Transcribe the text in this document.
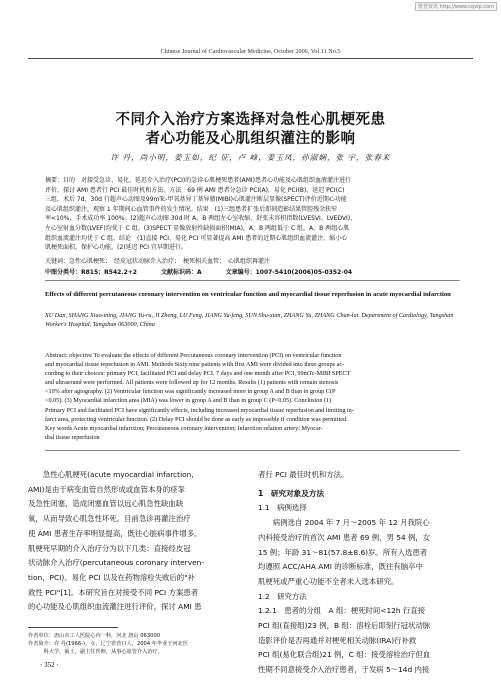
维普资讯 http://www.cqvip.com
Chinese Journal of Cardiovascular Medicine, October 2006, Vol.11 No.5
不同介入治疗方案选择对急性心肌梗死患
者心功能及心肌组织灌注的影响
许 丹，尚小明，姜玉如，纪 征，卢 峰，姜玉凤，孙淑娴，张 宇，张春来
摘要：目的　对接受急诊、易化、延迟介入治疗(PCI)的急诊心肌梗死患者(AMI)患者心功能及心肌组织血液灌注进行
评价，探讨 AMI 患者行 PCI 最佳时机和方法。方法　69 例 AMI 患者分急诊 PCI(A)，易化 PCI(B)，延迟 PCI(C)
三组，术后 7d、30d 行超声心动图及99mTc-甲氧基异丁基异腈(MIBI)心肌灌注断层显像(SPECT)评价近期心功能
及心肌组织灌注，观察 1 年期间心血管事件的发生情况。结果　(1)三组患者扩张后即刻造影结果管腔残余狭窄
率<10%，手术成功率 100%。(2)超声心动图 30d 时 A、B 两组左心室收缩、舒张末容积指数(LVESVI、LVEDVI)、
左心室射血分数(LVEF)均优于 C 组。(3)SPECT 显像放射性缺损面积(MIA)，A、B 两组低于 C 组，A、B 两组心肌
组织血流灌注均优于 C 组。结论　(1)直接 PCI、易化 PCI 可显著提高 AMI 患者的近期心肌组织血流灌注、缩小心
肌梗死面积，保护心功能。(2)延迟 PCI 宜早期进行。
关键词：急性心肌梗死；　经皮冠状动脉介入治疗；　梗死相关血管；　心肌组织再灌注
中图分类号：R815；R542.2+2　　　　文献标识码：A　　　　文章编号：1007-5410(2006)05-0352-04
Effects of different percutaneous coronary intervention on ventricular function and myocardial tissue reperfusion in acute myocardial infarction
XU Dan, SHANG Xiao-ming, JIANG Yu-ru, JI Zheng, LU Feng, JIANG Yu-feng, SUN Shu-xian, ZHANG Yu, ZHANG Chun-lai. Department of Cardiology, Tangshan Worker's Hospital, Tangshan 063000, China
Abstract: objective To evaluate the effects of different Percutaneous coronary intervention (PCI) on ventricular function
and myocardial tissue reperfusion in AMI. Methods Sixty nine patients with first AMI were divided into three groups ac-
cording to their choices: primary PCI, facilitated PCI and delay PCI. 7 days and one month after PCI, 99mTc-MIBI SPECT
and ultrasound were performed. All patients were followed up for 12 months. Results (1) patients with remain stenosis
<10% after agiography. (2) Ventricular function was significantly increased more in group A and B than in group C(P
<0.05). (3) Myocardial infarction area (MIA) was lower in group A and B than in group C (P<0.05). Conclusion (1)
Primary PCI and facilitated PCI have significantly effects, including increased myocardial tissue reperfusion and limiting in-
farct area, protecting ventricular function. (2) Delay PCI should be done as early as impossible if condition was permitted.
Key words Acute myocardial infarction; Percutaneous coronary intervention; Infarction relation artery; Myocar-
dial tissue reperfusion
急性心肌梗死(acute myocardial infarction,
AMI)是由于病变血管自然形成或血管本身的痉挛
及急性闭塞，造成闭塞血管以远心肌急性缺血缺
氧，从而导致心肌急性坏死。目前急诊再灌注治疗
使 AMI 患者生存率明显提高，既往心脏病事件增多。
肌梗死早期的介入治疗分为以下几类：直接经皮冠
状动脉介入治疗(percutaneous coronary interven-
tion，PCI)、易化 PCI 以及在药物溶栓失败后的"补
救性 PCI"[1]。本研究旨在对接受不同 PCI 方案患者
的心功能及心肌组织血流灌注进行评价，探讨 AMI 患
者行 PCI 最佳时机和方法。
1　研究对象及方法
1.1　病例选择
病例选自 2004 年 7 月～2005 年 12 月我院心
内科接受治疗的首次 AMI 患者 69 例，男 54 例，女
15 例；年龄 31～81(57.8±8.6)岁。所有入选患者
均遵照 ACC/AHA AMI 的诊断标准，既往有脑卒中
肌梗死或严重心功能不全者未入选本研究。
1.2　研究方法
1.2.1　患者的分组　A 组：梗死时间<12h 行直接
PCI 组(直接组)23 例，B 组：溶栓后即刻行冠状动脉
造影评价是否再通并对梗死相关动脉(IRA)行补救
PCI 组(易化联合组)21 例，C 组：接受溶栓治疗但血
性期不同意接受介入治疗患者，于发病 5～14d 内接
作者单位：唐山市工人医院心内一科，河北 唐山 063000
作者简介：许 丹(1966-)，女，辽宁省营口人，2004 年毕业于河北医
　　　科大学，硕士，副主任医师，从事心血管介入治疗。
· 352 ·
